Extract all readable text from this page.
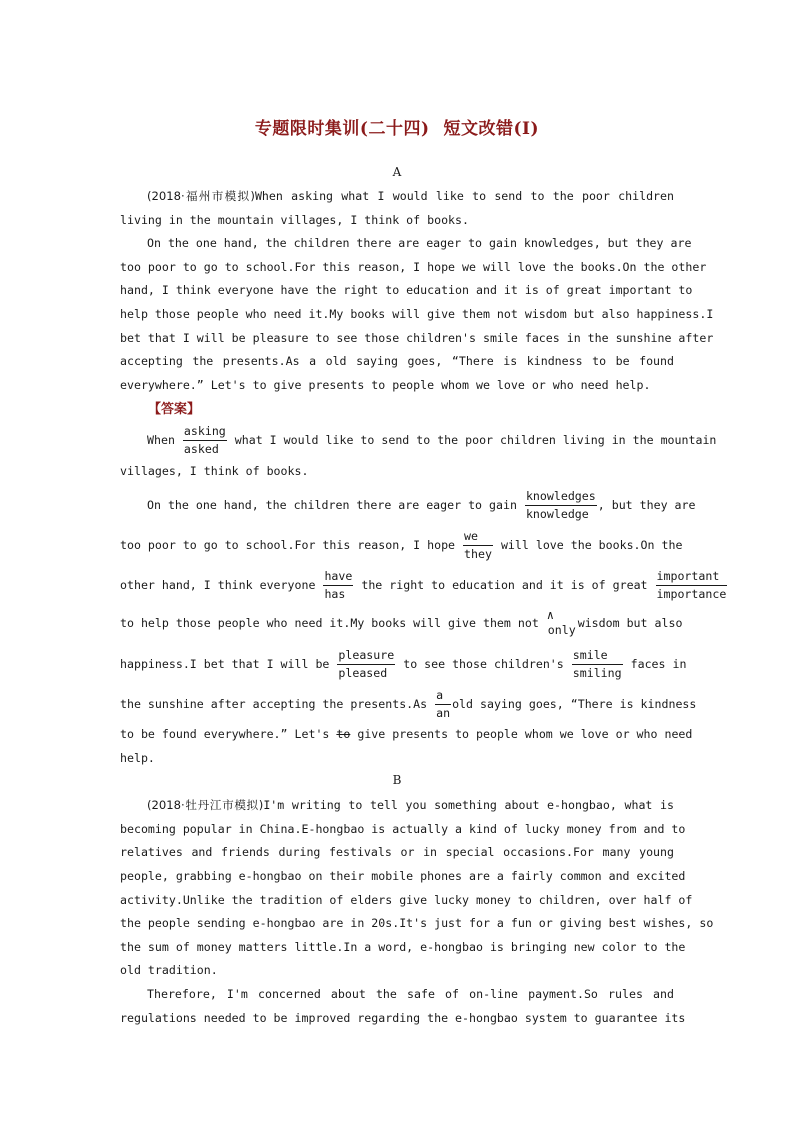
专题限时集训(二十四) 短文改错(Ⅰ)
A
(2018·福州市模拟)When asking what I would like to send to the poor children
living in the mountain villages, I think of books.
On the one hand, the children there are eager to gain knowledges, but they are
too poor to go to school.For this reason, I hope we will love the books.On the other
hand, I think everyone have the right to education and it is of great important to
help those people who need it.My books will give them not wisdom but also happiness.I
bet that I will be pleasure to see those children's smile faces in the sunshine after
accepting the presents.As a old saying goes, “There is kindness to be found
everywhere.” Let's to give presents to people whom we love or who need help.
【答案】
When
asking
asked
what I would like to send to the poor children living in the mountain
villages, I think of books.
On the one hand, the children there are eager to gain
knowledges
knowledge
, but they are
too poor to go to school.For this reason, I hope
we
they
will love the books.On the
other hand, I think everyone
have
has
the right to education and it is of great
important
importance
to help those people who need it.My books will give them not
∧
only wisdom but also
happiness.I bet that I will be
pleasure
pleased
to see those children's
smile
smiling
faces in
the sunshine after accepting the presents.As $\frac{a}{an}$ old saying goes, “There is kindness
to be found everywhere.” Let's to give presents to people whom we love or who need
help.
B
(2018·牡丹江市模拟)I'm writing to tell you something about e-hongbao, what is
becoming popular in China.E-hongbao is actually a kind of lucky money from and to
relatives and friends during festivals or in special occasions.For many young
people, grabbing e-hongbao on their mobile phones are a fairly common and excited
activity.Unlike the tradition of elders give lucky money to children, over half of
the people sending e-hongbao are in 20s.It's just for a fun or giving best wishes, so
the sum of money matters little.In a word, e-hongbao is bringing new color to the
old tradition.
Therefore, I'm concerned about the safe of on-line payment.So rules and
regulations needed to be improved regarding the e-hongbao system to guarantee its
